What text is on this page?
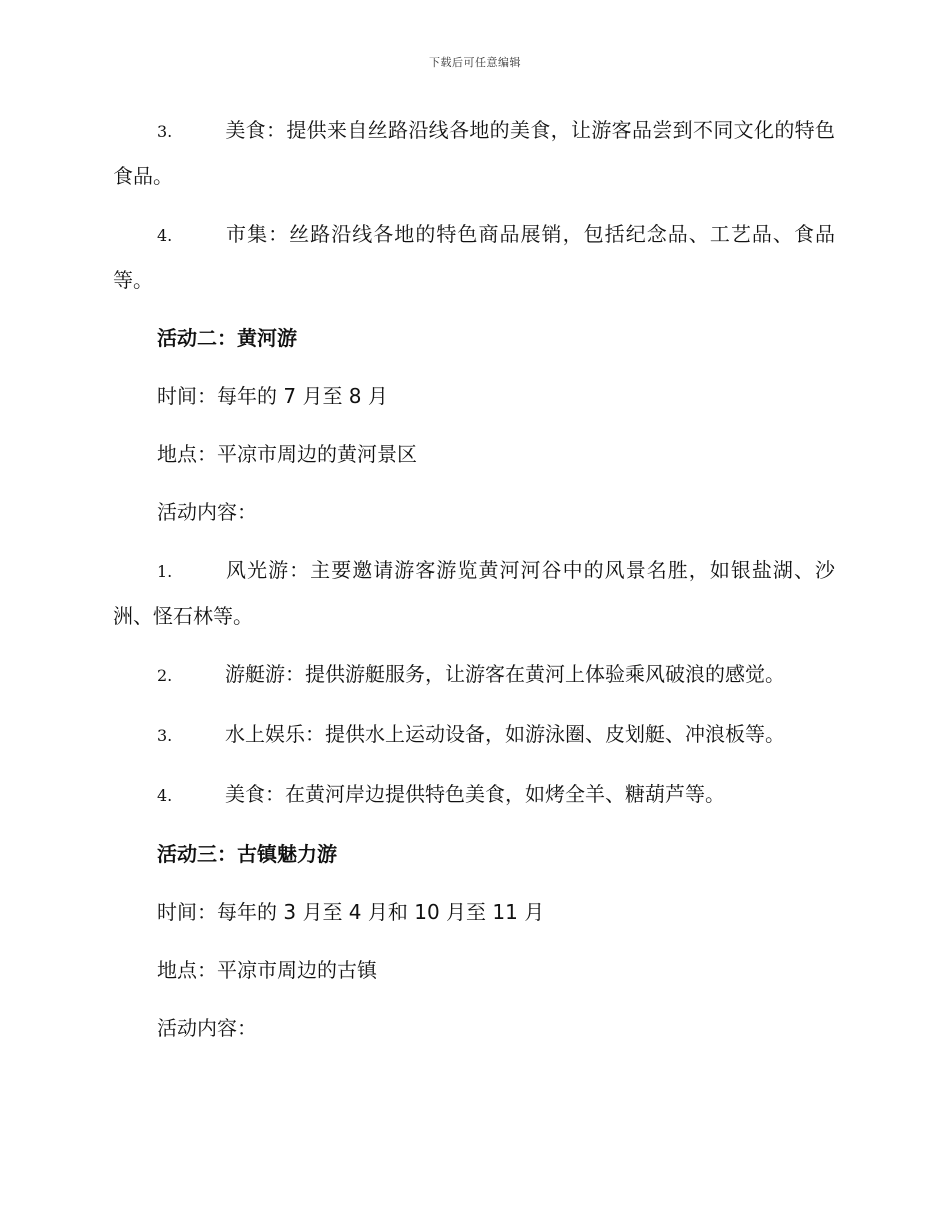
下载后可任意编辑
3.	美食：提供来自丝路沿线各地的美食，让游客品尝到不同文化的特色食品。
4.	市集：丝路沿线各地的特色商品展销，包括纪念品、工艺品、食品等。
活动二：黄河游
时间：每年的 7 月至 8 月
地点：平凉市周边的黄河景区
活动内容：
1.	风光游：主要邀请游客游览黄河河谷中的风景名胜，如银盐湖、沙洲、怪石林等。
2.	游艇游：提供游艇服务，让游客在黄河上体验乘风破浪的感觉。
3.	水上娱乐：提供水上运动设备，如游泳圈、皮划艇、冲浪板等。
4.	美食：在黄河岸边提供特色美食，如烤全羊、糖葫芦等。
活动三：古镇魅力游
时间：每年的 3 月至 4 月和 10 月至 11 月
地点：平凉市周边的古镇
活动内容：
